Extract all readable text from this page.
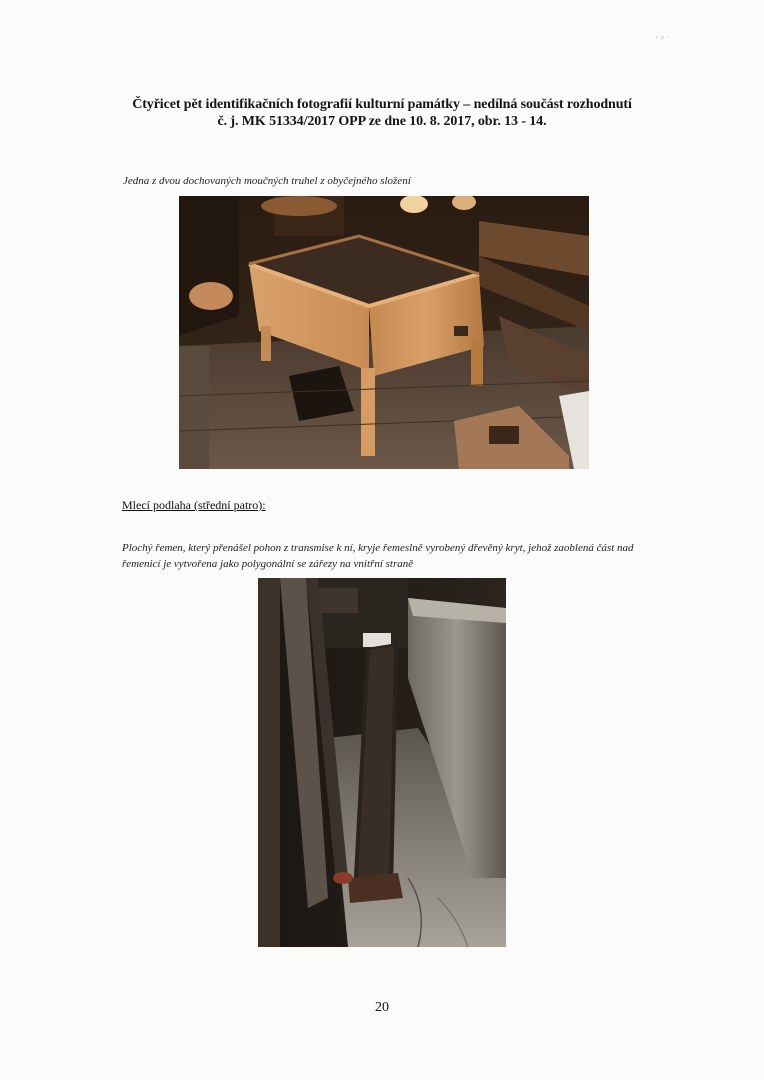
· ⸗ ·
Čtyřicet pět identifikačních fotografií kulturní památky – nedílná součást rozhodnutí
č. j. MK 51334/2017 OPP ze dne 10. 8. 2017, obr. 13 - 14.
Jedna z dvou dochovaných moučných truhel z obyčejného složení
Mlecí podlaha (střední patro):
Plochý řemen, který přenášel pohon z transmise k ní, kryje řemeslně vyrobený dřevěný kryt, jehož zaoblená část nad řemenicí je vytvořena jako polygonální se zářezy na vnitřní straně
20
